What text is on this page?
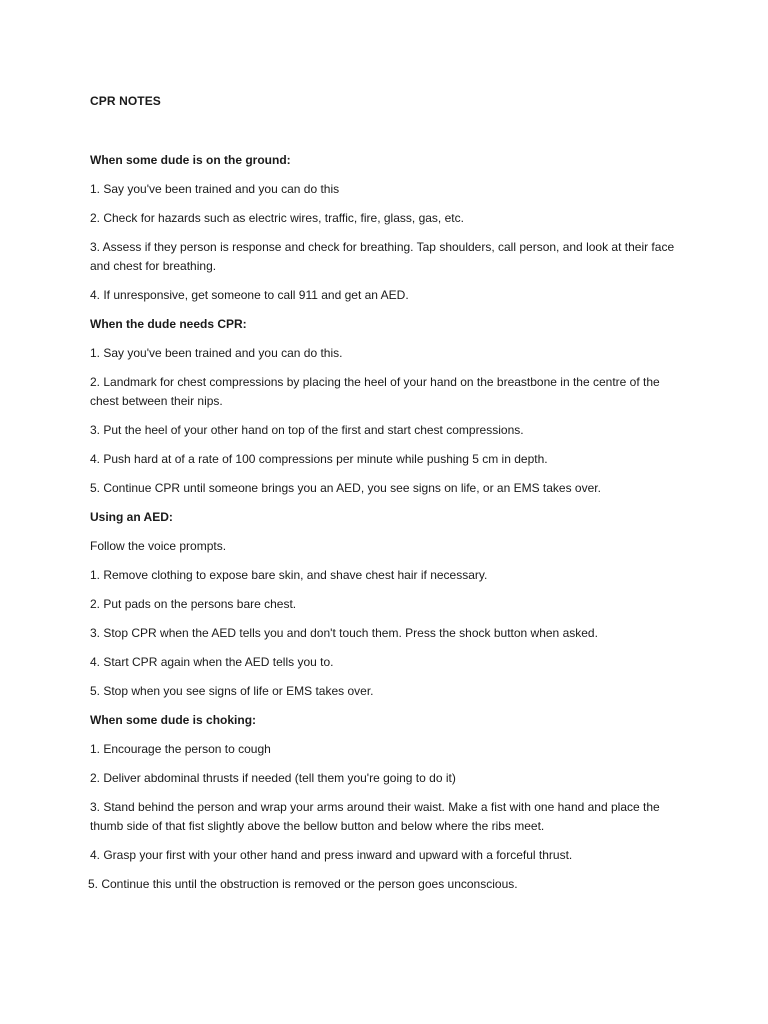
CPR NOTES
When some dude is on the ground:
1. Say you've been trained and you can do this
2. Check for hazards such as electric wires, traffic, fire, glass, gas, etc.
3. Assess if they person is response and check for breathing. Tap shoulders, call person, and look at their face and chest for breathing.
4. If unresponsive, get someone to call 911 and get an AED.
When the dude needs CPR:
1. Say you've been trained and you can do this.
2. Landmark for chest compressions by placing the heel of your hand on the breastbone in the centre of the chest between their nips.
3. Put the heel of your other hand on top of the first and start chest compressions.
4. Push hard at of a rate of 100 compressions per minute while pushing 5 cm in depth.
5. Continue CPR until someone brings you an AED, you see signs on life, or an EMS takes over.
Using an AED:
Follow the voice prompts.
1. Remove clothing to expose bare skin, and shave chest hair if necessary.
2. Put pads on the persons bare chest.
3. Stop CPR when the AED tells you and don't touch them. Press the shock button when asked.
4. Start CPR again when the AED tells you to.
5. Stop when you see signs of life or EMS takes over.
When some dude is choking:
1. Encourage the person to cough
2. Deliver abdominal thrusts if needed (tell them you're going to do it)
3. Stand behind the person and wrap your arms around their waist. Make a fist with one hand and place the thumb side of that fist slightly above the bellow button and below where the ribs meet.
4. Grasp your first with your other hand and press inward and upward with a forceful thrust.
5. Continue this until the obstruction is removed or the person goes unconscious.
